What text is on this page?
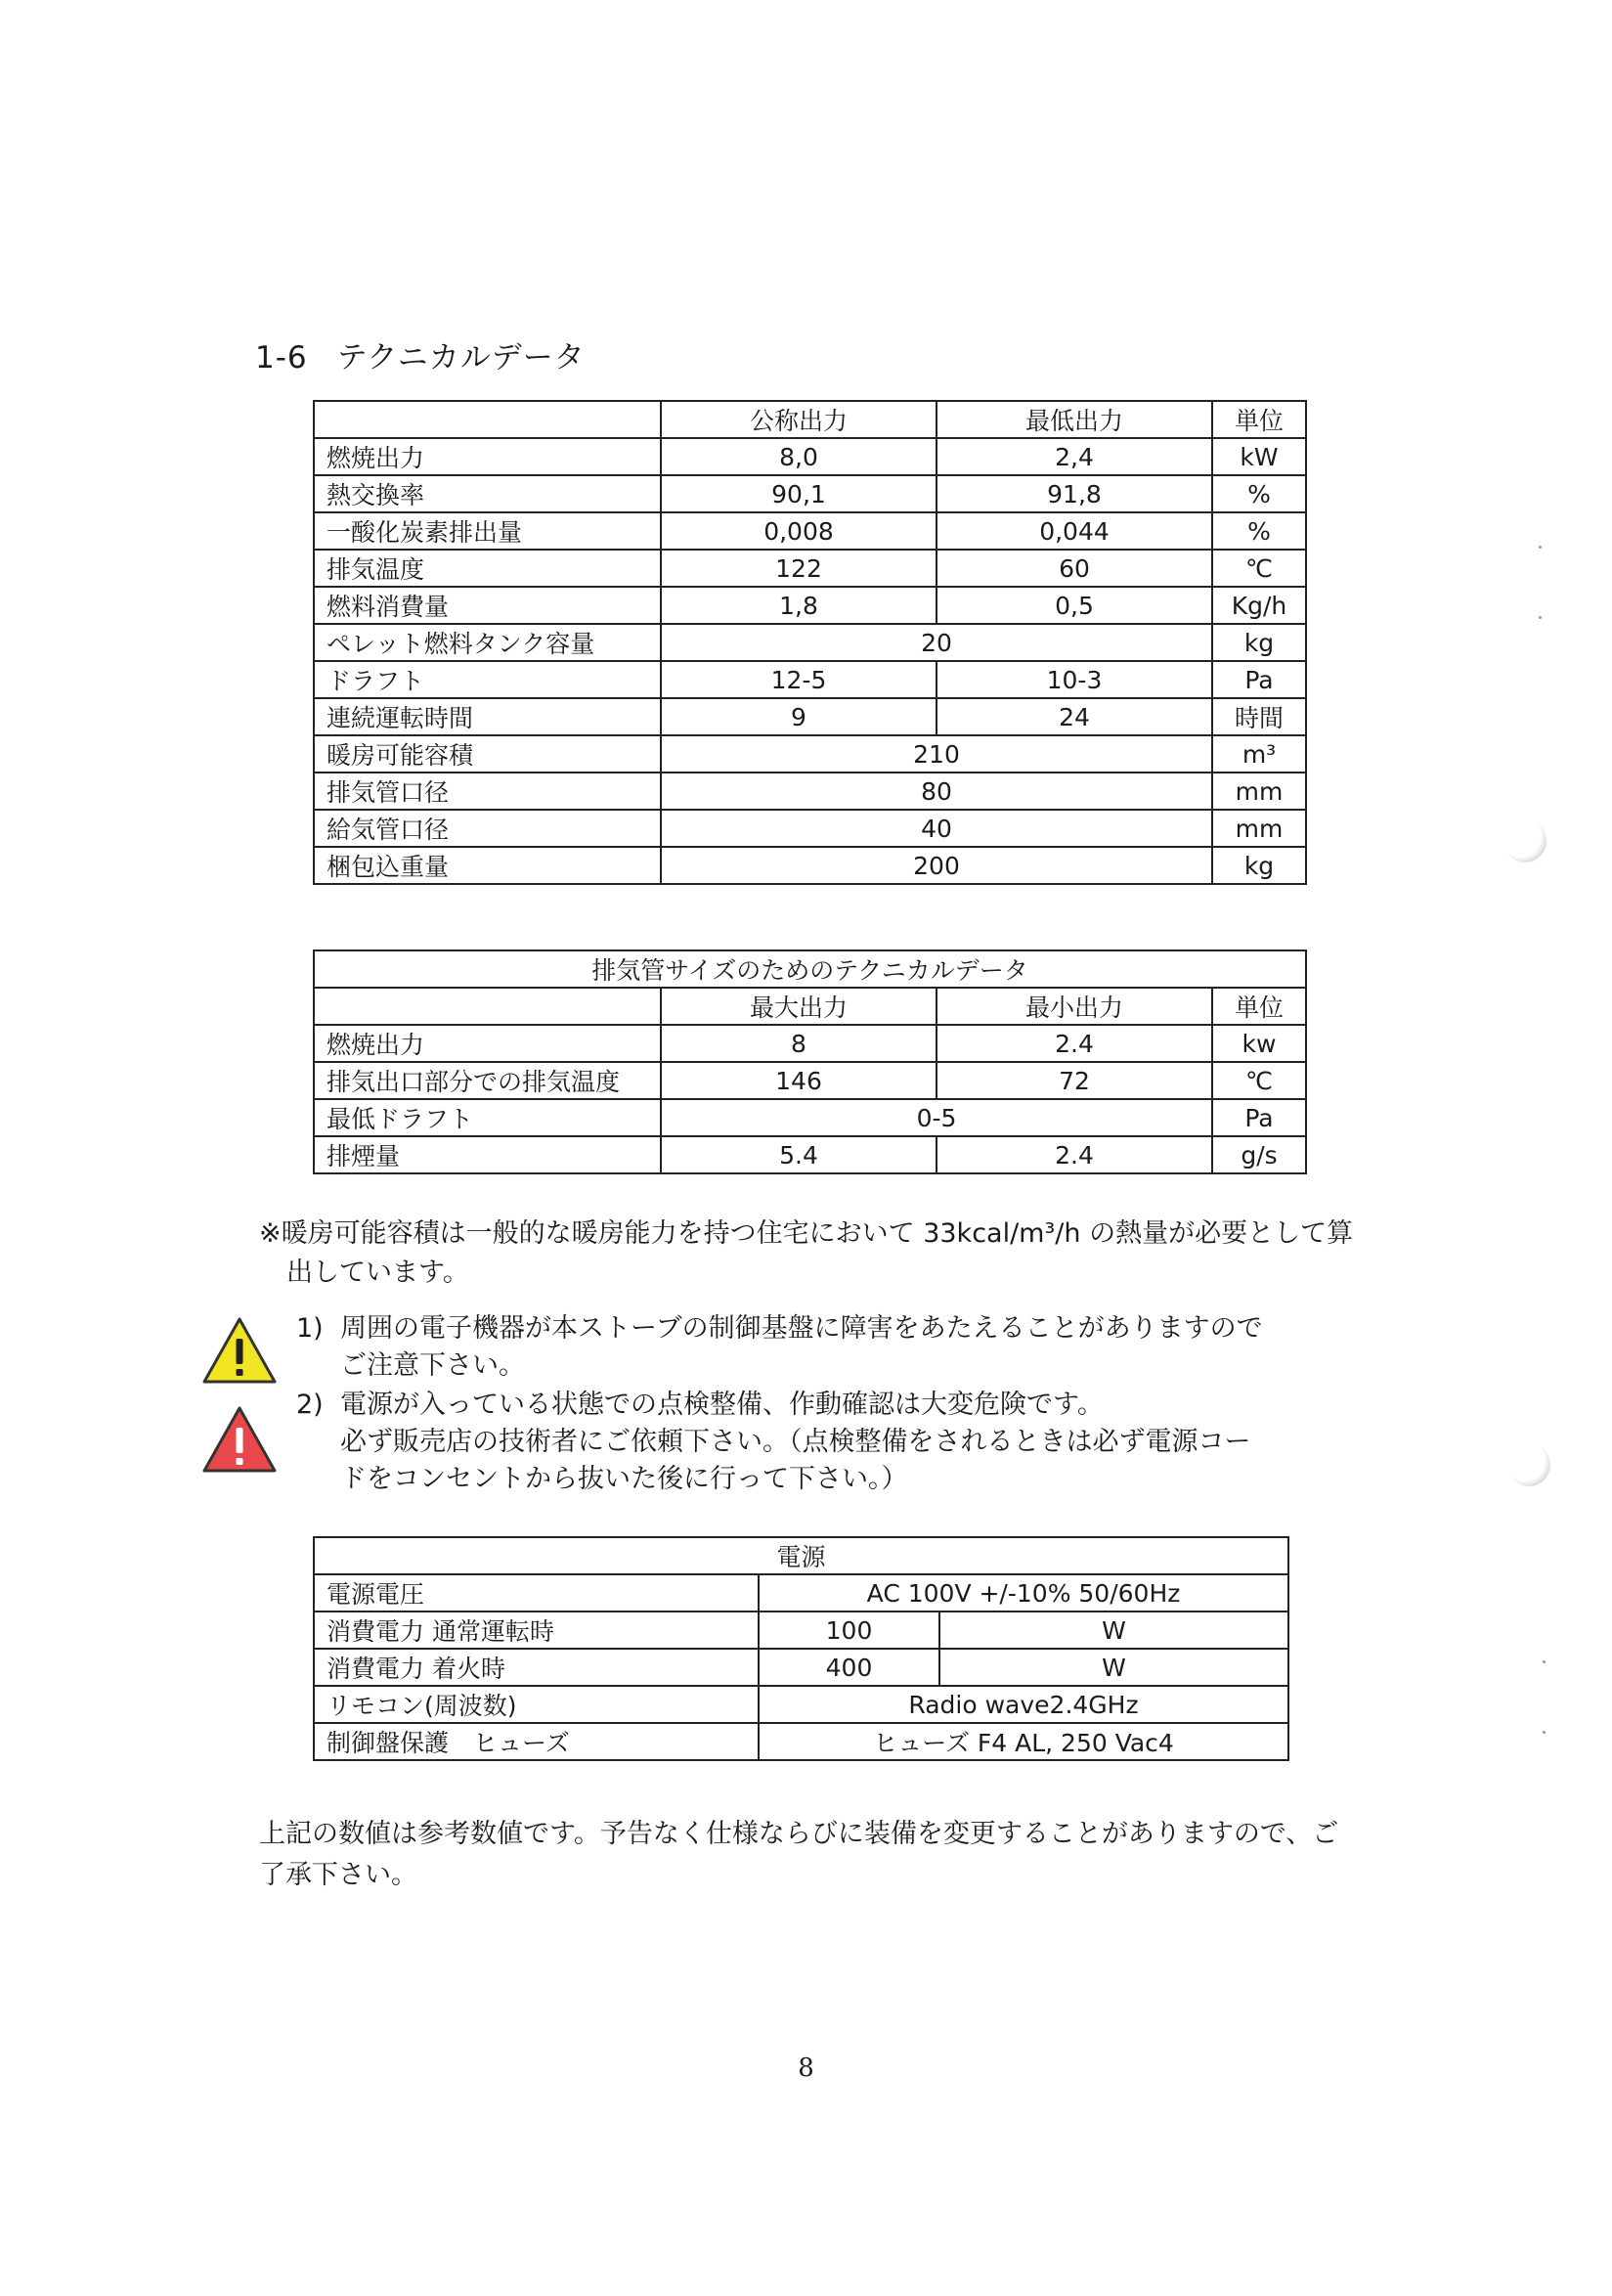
1-6 テクニカルデータ
	公称出力	最低出力	単位
燃焼出力	8,0	2,4	kW
熱交換率	90,1	91,8	%
一酸化炭素排出量	0,008	0,044	%
排気温度	122	60	℃
燃料消費量	1,8	0,5	Kg/h
ペレット燃料タンク容量	20		kg
ドラフト	12-5	10-3	Pa
連続運転時間	9	24	時間
暖房可能容積	210		m³
排気管口径	80		mm
給気管口径	40		mm
梱包込重量	200		kg
排気管サイズのためのテクニカルデータ			
	最大出力	最小出力	単位
燃焼出力	8	2.4	kw
排気出口部分での排気温度	146	72	℃
最低ドラフト	0-5		Pa
排煙量	5.4	2.4	g/s
※暖房可能容積は一般的な暖房能力を持つ住宅において 33kcal/m³/h の熱量が必要として算
出しています。
1) 周囲の電子機器が本ストーブの制御基盤に障害をあたえることがありますので
ご注意下さい。
2) 電源が入っている状態での点検整備、作動確認は大変危険です。
必ず販売店の技術者にご依頼下さい。（点検整備をされるときは必ず電源コー
ドをコンセントから抜いた後に行って下さい。）
電源		
電源電圧	AC 100V +/-10% 50/60Hz	
消費電力 通常運転時	100	W
消費電力 着火時	400	W
リモコン(周波数)	Radio wave2.4GHz	
制御盤保護　ヒューズ	ヒューズ F4 AL, 250 Vac4	
上記の数値は参考数値です。予告なく仕様ならびに装備を変更することがありますので、ご
了承下さい。
8
